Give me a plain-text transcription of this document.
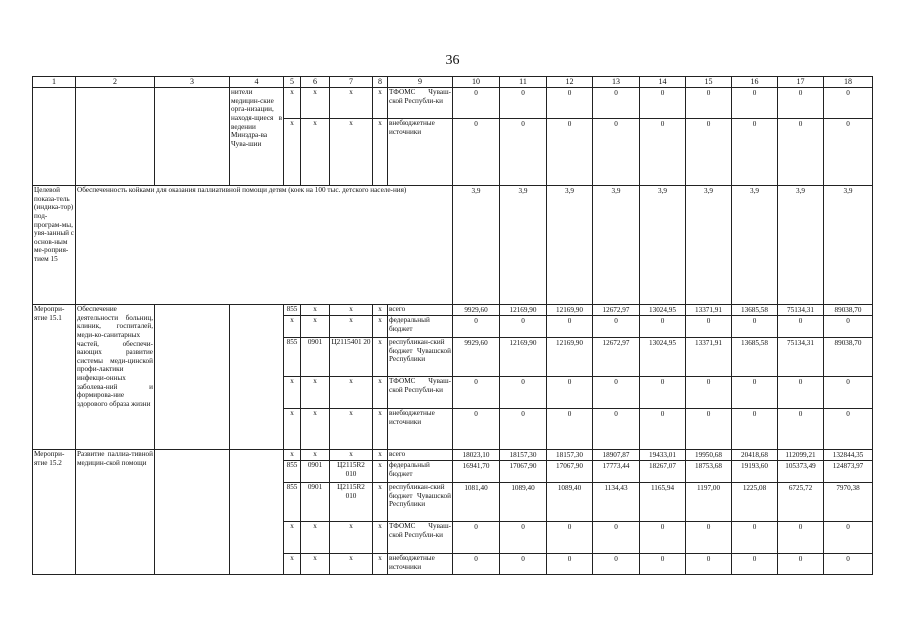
36
1	2	3	4	5	6	7	8	9	10	11	12	13	14	15	16	17	18
			нители медицин-ские орга-низации, находя-щиеся в ведении Минздра-ва Чува-шии	x	x	x	x	ТФОМС Чуваш-ской Республи-ки	0	0	0	0	0	0	0	0	0
				x	x	x	x	внебюджетные источники	0	0	0	0	0	0	0	0	0
Целевой показа-тель (индика-тор) под-програм-мы, увя-занный с основ-ным ме-роприя-тием 15	Обеспеченность койками для оказания паллиативной помощи детям (коек на 100 тыс. детского населе-ния)								3,9	3,9	3,9	3,9	3,9	3,9	3,9	3,9	3,9
Меропри-ятие 15.1	Обеспечение деятельности больниц, клиник, госпиталей, меди-ко-санитарных частей, обеспечи-вающих развитие системы меди-цинской профи-лактики инфекци-онных заболева-ний и формирова-ние здорового образа жизни			855	x	x	x	всего	9929,60	12169,90	12169,90	12672,97	13024,95	13371,91	13685,58	75134,31	89038,70
				x	x	x	x	федеральный бюджет	0	0	0	0	0	0	0	0	0
				855	0901	Ц2115401 20	x	республикан-ский бюджет Чувашской Республики	9929,60	12169,90	12169,90	12672,97	13024,95	13371,91	13685,58	75134,31	89038,70
				x	x	x	x	ТФОМС Чуваш-ской Республи-ки	0	0	0	0	0	0	0	0	0
				x	x	x	x	внебюджетные источники	0	0	0	0	0	0	0	0	0
Меропри-ятие 15.2	Развитие паллиа-тивной медицин-ской помощи			x	x	x	x	всего	18023,10	18157,30	18157,30	18907,87	19433,01	19950,68	20418,68	112099,21	132844,35
				855	0901	Ц2115R2 010	x	федеральный бюджет	16941,70	17067,90	17067,90	17773,44	18267,07	18753,68	19193,60	105373,49	124873,97
				855	0901	Ц2115R2 010	x	республикан-ский бюджет Чувашской Республики	1081,40	1089,40	1089,40	1134,43	1165,94	1197,00	1225,08	6725,72	7970,38
				x	x	x	x	ТФОМС Чуваш-ской Республи-ки	0	0	0	0	0	0	0	0	0
				x	x	x	x	внебюджетные источники	0	0	0	0	0	0	0	0	0
